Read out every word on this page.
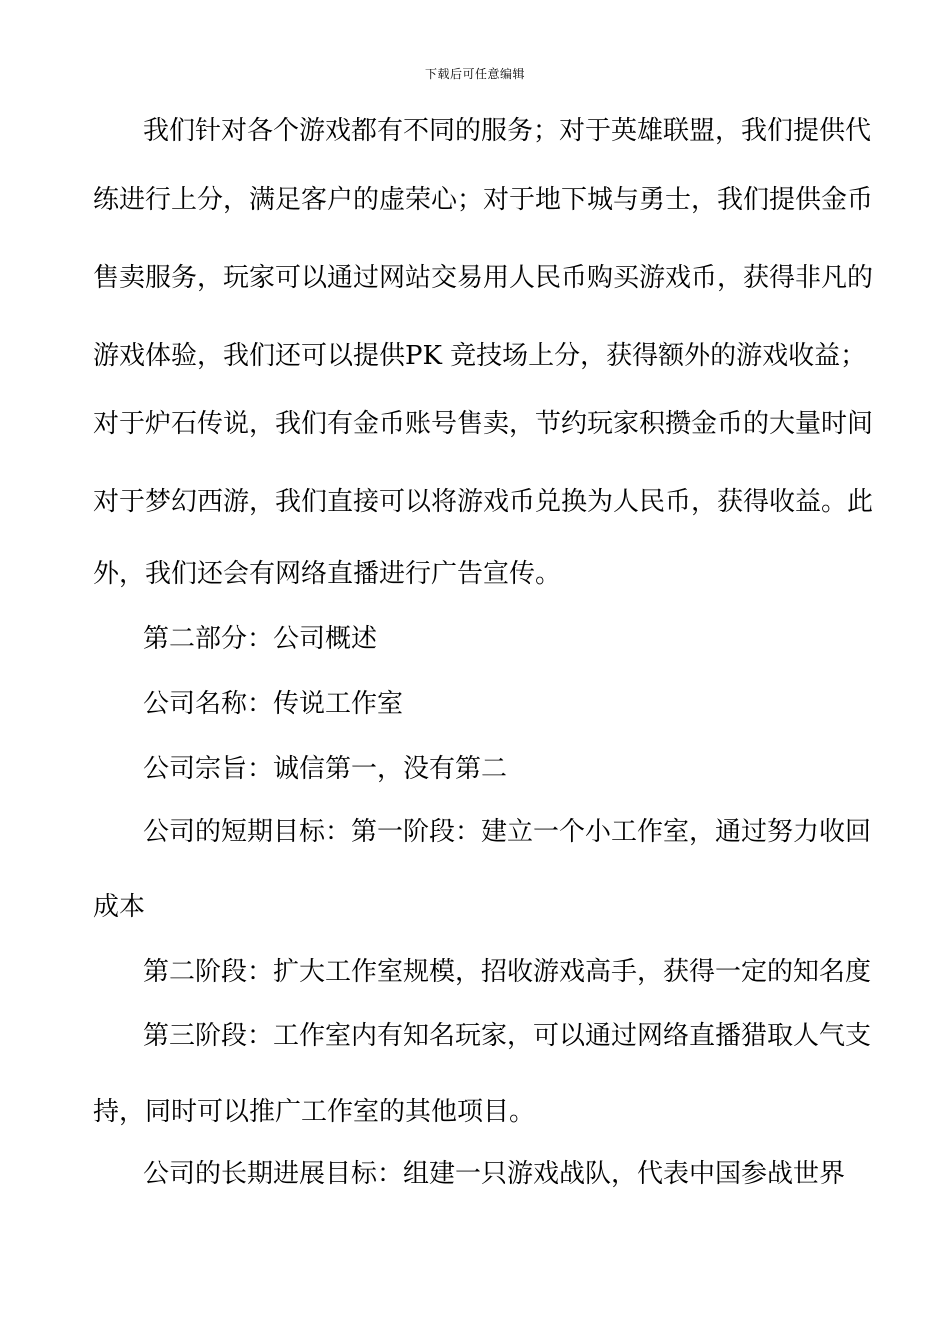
下载后可任意编辑
我们针对各个游戏都有不同的服务；对于英雄联盟，我们提供代
练进行上分，满足客户的虚荣心；对于地下城与勇士，我们提供金币
售卖服务，玩家可以通过网站交易用人民币购买游戏币，获得非凡的
游戏体验，我们还可以提供PK 竞技场上分，获得额外的游戏收益；
对于炉石传说，我们有金币账号售卖，节约玩家积攒金币的大量时间
对于梦幻西游，我们直接可以将游戏币兑换为人民币，获得收益。此
外，我们还会有网络直播进行广告宣传。
第二部分：公司概述
公司名称：传说工作室
公司宗旨：诚信第一，没有第二
公司的短期目标：第一阶段：建立一个小工作室，通过努力收回
成本
第二阶段：扩大工作室规模，招收游戏高手，获得一定的知名度
第三阶段：工作室内有知名玩家，可以通过网络直播猎取人气支
持，同时可以推广工作室的其他项目。
公司的长期进展目标：组建一只游戏战队，代表中国参战世界
